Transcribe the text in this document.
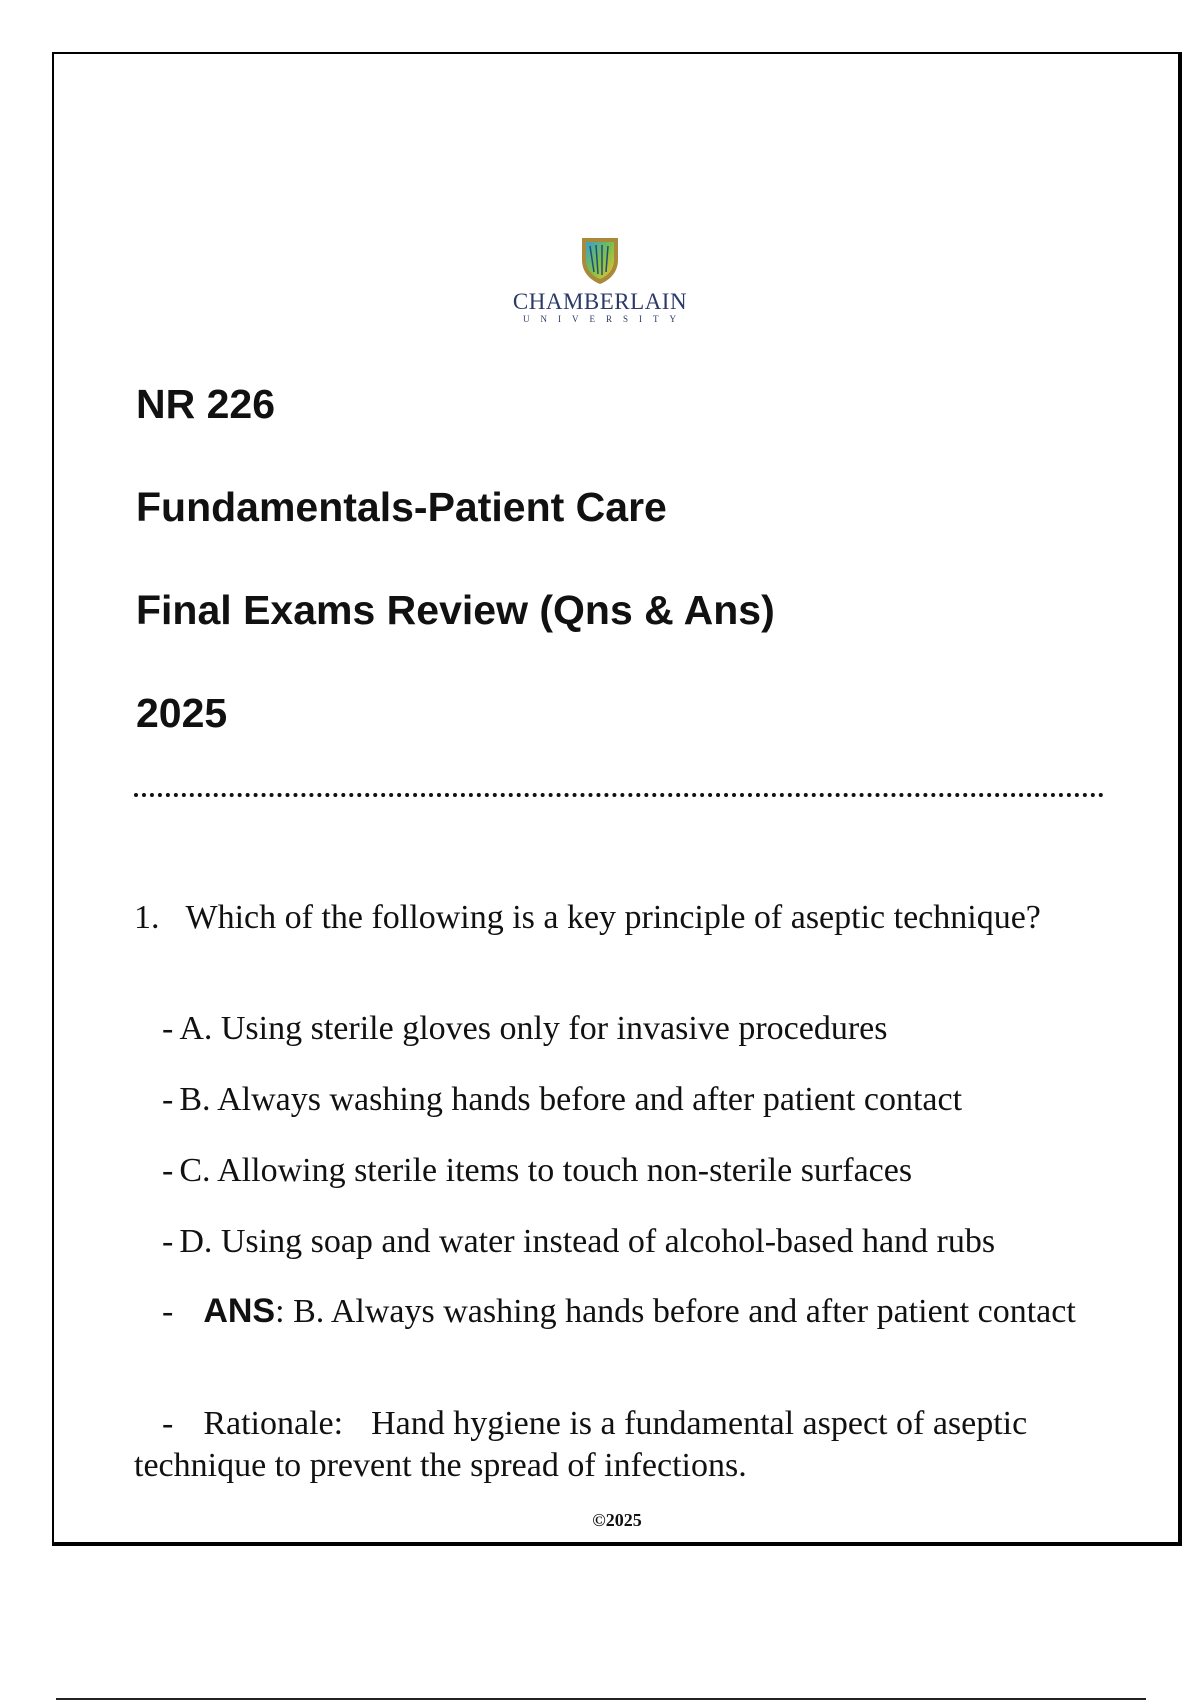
CHAMBERLAIN
UNIVERSITY
NR 226
Fundamentals-Patient Care
Final Exams Review (Qns & Ans)
2025

1. Which of the following is a key principle of aseptic technique?

- A. Using sterile gloves only for invasive procedures

- B. Always washing hands before and after patient contact

- C. Allowing sterile items to touch non-sterile surfaces

- D. Using soap and water instead of alcohol-based hand rubs

- ANS: B. Always washing hands before and after patient contact

- Rationale: Hand hygiene is a fundamental aspect of aseptic technique to prevent the spread of infections.

©2025
